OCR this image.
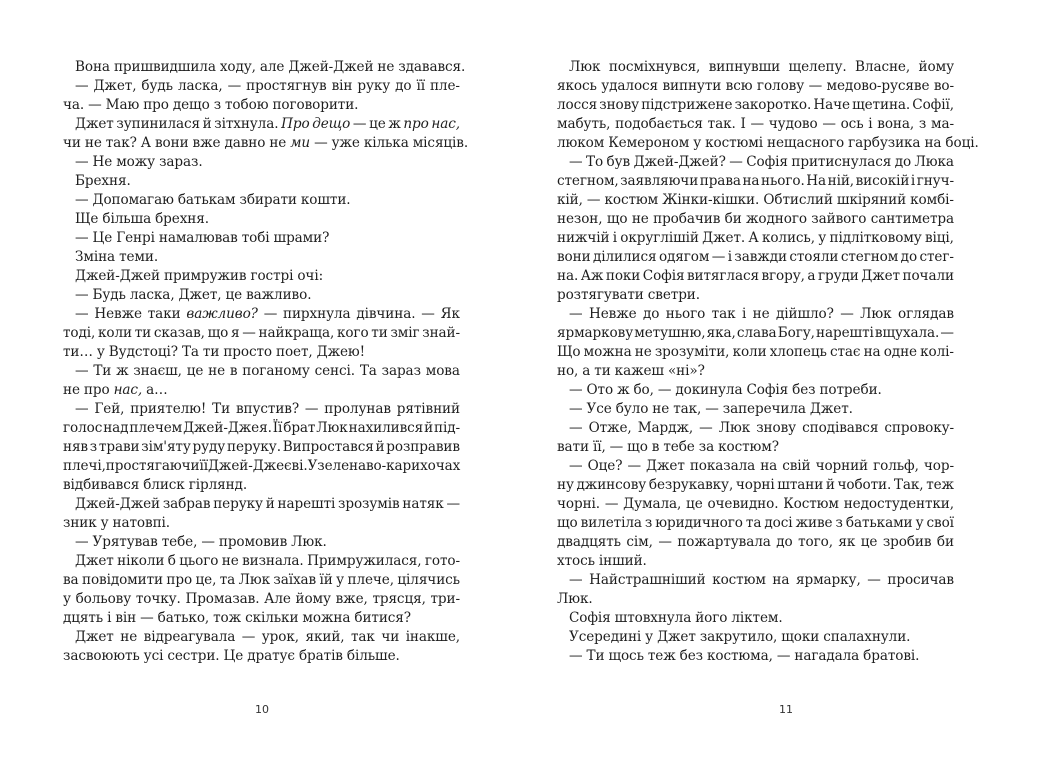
Вона пришвидшила ходу, але Джей-Джей не здавався.
— Джет, будь ласка, — простягнув він руку до її пле-
ча. — Маю про дещо з тобою поговорити.
Джет зупинилася й зітхнула. Про дещо — це ж про нас,
чи не так? А вони вже давно не ми — уже кілька місяців.
— Не можу зараз.
Брехня.
— Допомагаю батькам збирати кошти.
Ще більша брехня.
— Це Генрі намалював тобі шрами?
Зміна теми.
Джей-Джей примружив гострі очі:
— Будь ласка, Джет, це важливо.
— Невже таки важливо? — пирхнула дівчина. — Як
тоді, коли ти сказав, що я — найкраща, кого ти зміг знай-
ти… у Вудстоці? Та ти просто поет, Джею!
— Ти ж знаєш, це не в поганому сенсі. Та зараз мова
не про нас, а…
— Гей, приятелю! Ти впустив? — пролунав рятівний
голос над плечем Джей-Джея. Її брат Люк нахилився й під-
няв з трави зім'яту руду перуку. Випростався й розправив
плечі, простягаючи її Джей-Джеєві. У зеленаво-карих очах
відбивався блиск гірлянд.
Джей-Джей забрав перуку й нарешті зрозумів натяк —
зник у натовпі.
— Урятував тебе, — промовив Люк.
Джет ніколи б цього не визнала. Примружилася, гото-
ва повідомити про це, та Люк заїхав їй у плече, цілячись
у больову точку. Промазав. Але йому вже, трясця, три-
дцять і він — батько, тож скільки можна битися?
Джет не відреагувала — урок, який, так чи інакше,
засвоюють усі сестри. Це дратує братів більше.
Люк посміхнувся, випнувши щелепу. Власне, йому
якось удалося випнути всю голову — медово-русяве во-
лосся знову підстрижене закоротко. Наче щетина. Софії,
мабуть, подобається так. І — чудово — ось і вона, з ма-
люком Кемероном у костюмі нещасного гарбузика на боці.
— То був Джей-Джей? — Софія притиснулася до Люка
стегном, заявляючи права на нього. На ній, високій і гнуч-
кій, — костюм Жінки-кішки. Обтислий шкіряний комбі-
незон, що не пробачив би жодного зайвого сантиметра
нижчій і округлішій Джет. А колись, у підлітковому віці,
вони ділилися одягом — і завжди стояли стегном до стег-
на. Аж поки Софія витяглася вгору, а груди Джет почали
розтягувати светри.
— Невже до нього так і не дійшло? — Люк оглядав
ярмаркову метушню, яка, слава Богу, нарешті вщухала. —
Що можна не зрозуміти, коли хлопець стає на одне колі-
но, а ти кажеш «ні»?
— Ото ж бо, — докинула Софія без потреби.
— Усе було не так, — заперечила Джет.
— Отже, Мардж, — Люк знову сподівався спровоку-
вати її, — що в тебе за костюм?
— Оце? — Джет показала на свій чорний гольф, чор-
ну джинсову безрукавку, чорні штани й чоботи. Так, теж
чорні. — Думала, це очевидно. Костюм недостудентки,
що вилетіла з юридичного та досі живе з батьками у свої
двадцять сім, — пожартувала до того, як це зробив би
хтось інший.
— Найстрашніший костюм на ярмарку, — просичав
Люк.
Софія штовхнула його ліктем.
Усередині у Джет закрутило, щоки спалахнули.
— Ти щось теж без костюма, — нагадала братові.
10	11
